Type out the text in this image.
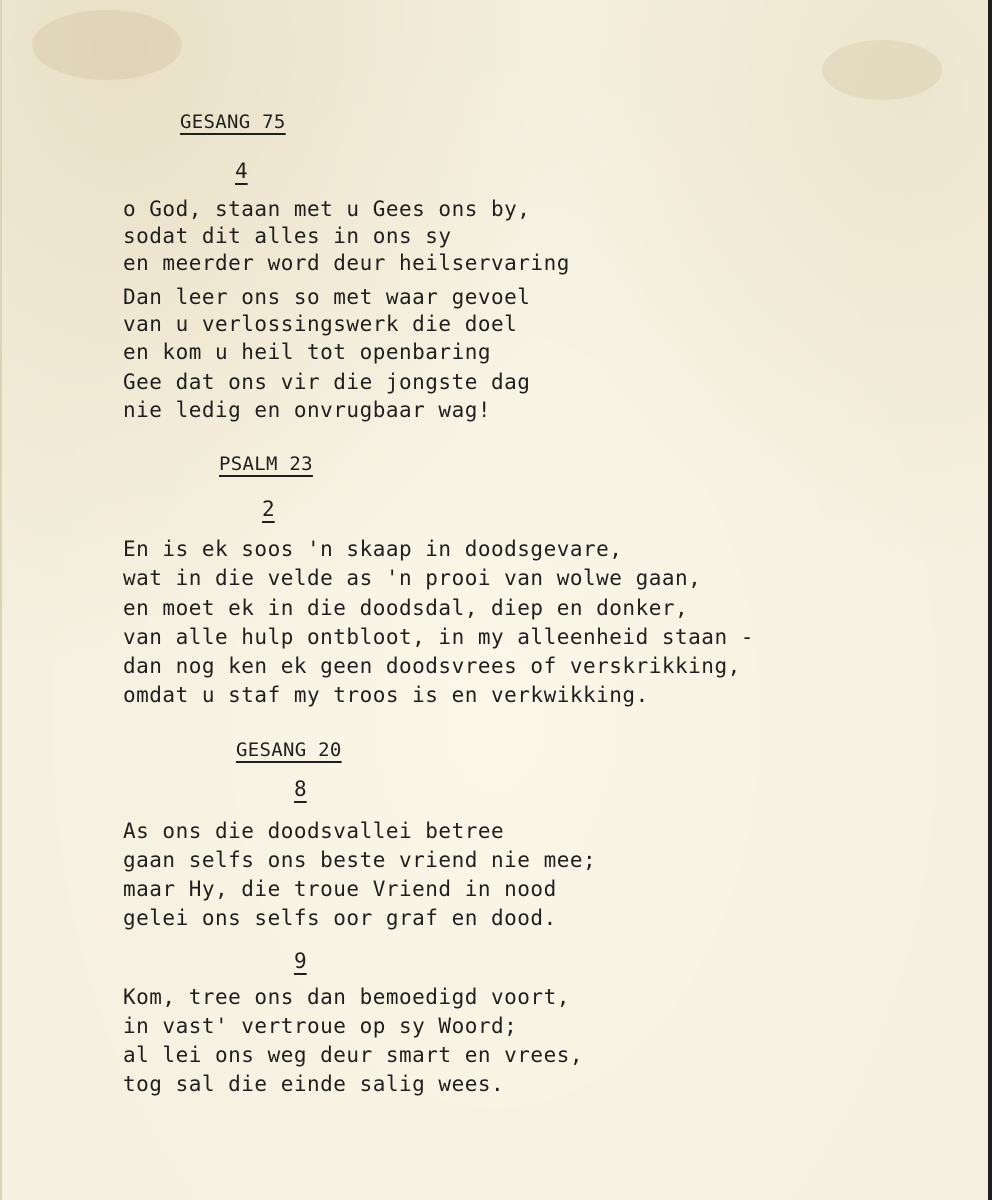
GESANG 75

4

o God, staan met u Gees ons by,

sodat dit alles in ons sy

en meerder word deur heilservaring

Dan leer ons so met waar gevoel

van u verlossingswerk die doel

en kom u heil tot openbaring

Gee dat ons vir die jongste dag

nie ledig en onvrugbaar wag!

PSALM 23

2

En is ek soos 'n skaap in doodsgevare,

wat in die velde as 'n prooi van wolwe gaan,

en moet ek in die doodsdal, diep en donker,

van alle hulp ontbloot, in my alleenheid staan -

dan nog ken ek geen doodsvrees of verskrikking,

omdat u staf my troos is en verkwikking.

GESANG 20

8

As ons die doodsvallei betree

gaan selfs ons beste vriend nie mee;

maar Hy, die troue Vriend in nood

gelei ons selfs oor graf en dood.

9

Kom, tree ons dan bemoedigd voort,

in vast' vertroue op sy Woord;

al lei ons weg deur smart en vrees,

tog sal die einde salig wees.
